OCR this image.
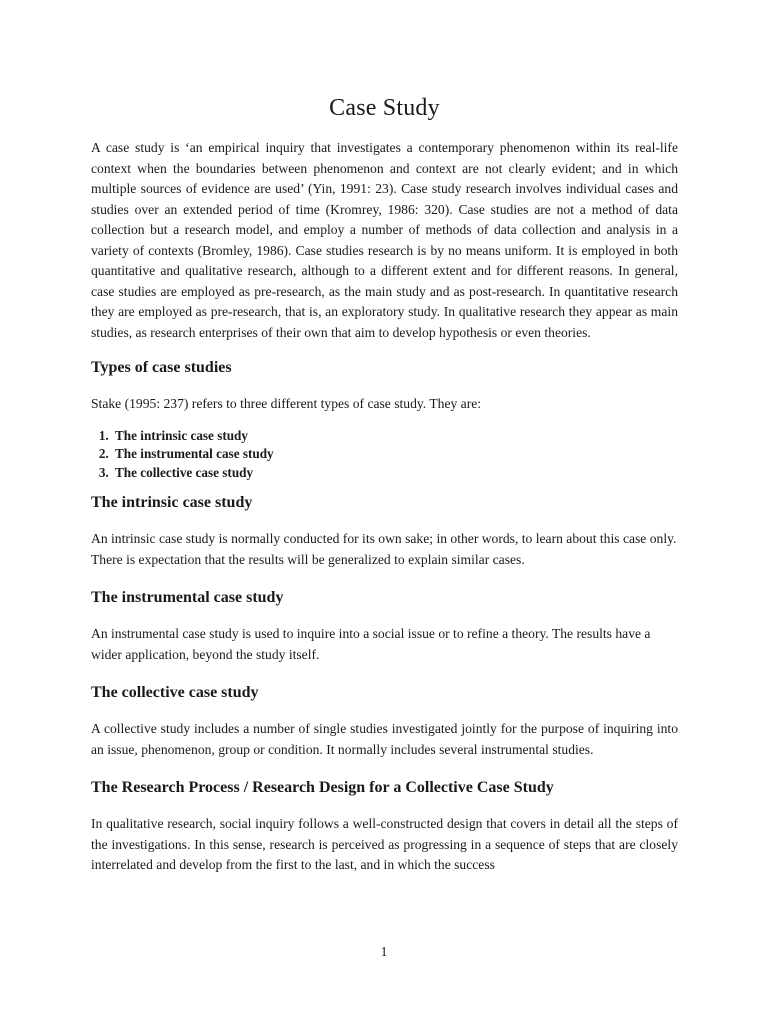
Case Study

A case study is ‘an empirical inquiry that investigates a contemporary phenomenon within its real-life context when the boundaries between phenomenon and context are not clearly evident; and in which multiple sources of evidence are used’ (Yin, 1991: 23). Case study research involves individual cases and studies over an extended period of time (Kromrey, 1986: 320). Case studies are not a method of data collection but a research model, and employ a number of methods of data collection and analysis in a variety of contexts (Bromley, 1986). Case studies research is by no means uniform. It is employed in both quantitative and qualitative research, although to a different extent and for different reasons. In general, case studies are employed as pre-research, as the main study and as post-research. In quantitative research they are employed as pre-research, that is, an exploratory study. In qualitative research they appear as main studies, as research enterprises of their own that aim to develop hypothesis or even theories.

Types of case studies

Stake (1995: 237) refers to three different types of case study. They are:

1. The intrinsic case study
2. The instrumental case study
3. The collective case study
The intrinsic case study

An intrinsic case study is normally conducted for its own sake; in other words, to learn about this case only. There is expectation that the results will be generalized to explain similar cases.

The instrumental case study

An instrumental case study is used to inquire into a social issue or to refine a theory. The results have a wider application, beyond the study itself.

The collective case study

A collective study includes a number of single studies investigated jointly for the purpose of inquiring into an issue, phenomenon, group or condition. It normally includes several instrumental studies.

The Research Process / Research Design for a Collective Case Study

In qualitative research, social inquiry follows a well-constructed design that covers in detail all the steps of the investigations. In this sense, research is perceived as progressing in a sequence of steps that are closely interrelated and develop from the first to the last, and in which the success

1
